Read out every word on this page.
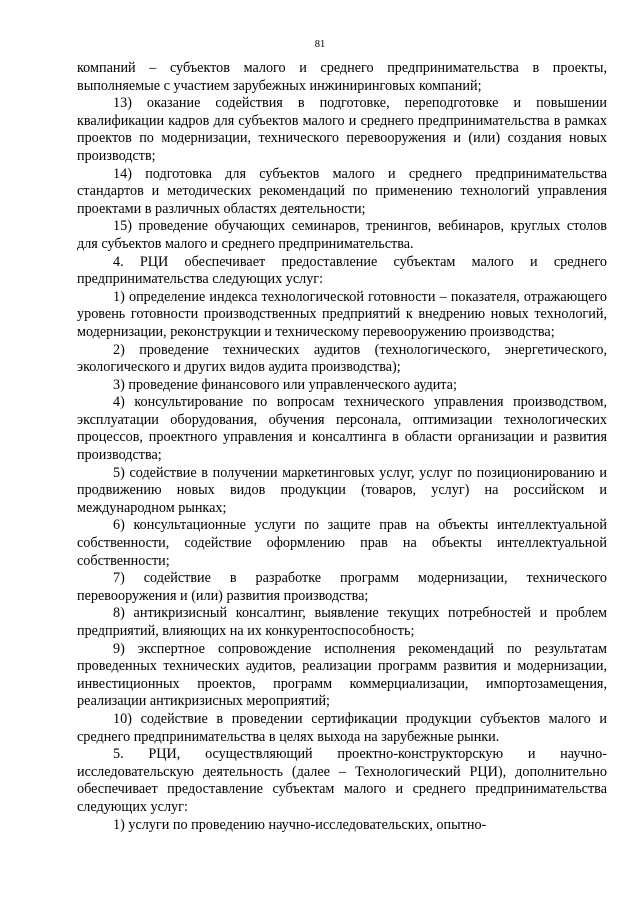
81

компаний – субъектов малого и среднего предпринимательства в проекты, выполняемые с участием зарубежных инжиниринговых компаний;

13) оказание содействия в подготовке, переподготовке и повышении квалификации кадров для субъектов малого и среднего предпринимательства в рамках проектов по модернизации, технического перевооружения и (или) создания новых производств;

14) подготовка для субъектов малого и среднего предпринимательства стандартов и методических рекомендаций по применению технологий управления проектами в различных областях деятельности;

15) проведение обучающих семинаров, тренингов, вебинаров, круглых столов для субъектов малого и среднего предпринимательства.

4. РЦИ обеспечивает предоставление субъектам малого и среднего предпринимательства следующих услуг:

1) определение индекса технологической готовности – показателя, отражающего уровень готовности производственных предприятий к внедрению новых технологий, модернизации, реконструкции и техническому перевооружению производства;

2) проведение технических аудитов (технологического, энергетического, экологического и других видов аудита производства);

3) проведение финансового или управленческого аудита;

4) консультирование по вопросам технического управления производством, эксплуатации оборудования, обучения персонала, оптимизации технологических процессов, проектного управления и консалтинга в области организации и развития производства;

5) содействие в получении маркетинговых услуг, услуг по позиционированию и продвижению новых видов продукции (товаров, услуг) на российском и международном рынках;

6) консультационные услуги по защите прав на объекты интеллектуальной собственности, содействие оформлению прав на объекты интеллектуальной собственности;

7) содействие в разработке программ модернизации, технического перевооружения и (или) развития производства;

8) антикризисный консалтинг, выявление текущих потребностей и проблем предприятий, влияющих на их конкурентоспособность;

9) экспертное сопровождение исполнения рекомендаций по результатам проведенных технических аудитов, реализации программ развития и модернизации, инвестиционных проектов, программ коммерциализации, импортозамещения, реализации антикризисных мероприятий;

10) содействие в проведении сертификации продукции субъектов малого и среднего предпринимательства в целях выхода на зарубежные рынки.

5. РЦИ, осуществляющий проектно-конструкторскую и научно-исследовательскую деятельность (далее – Технологический РЦИ), дополнительно обеспечивает предоставление субъектам малого и среднего предпринимательства следующих услуг:

1) услуги по проведению научно-исследовательских, опытно-
